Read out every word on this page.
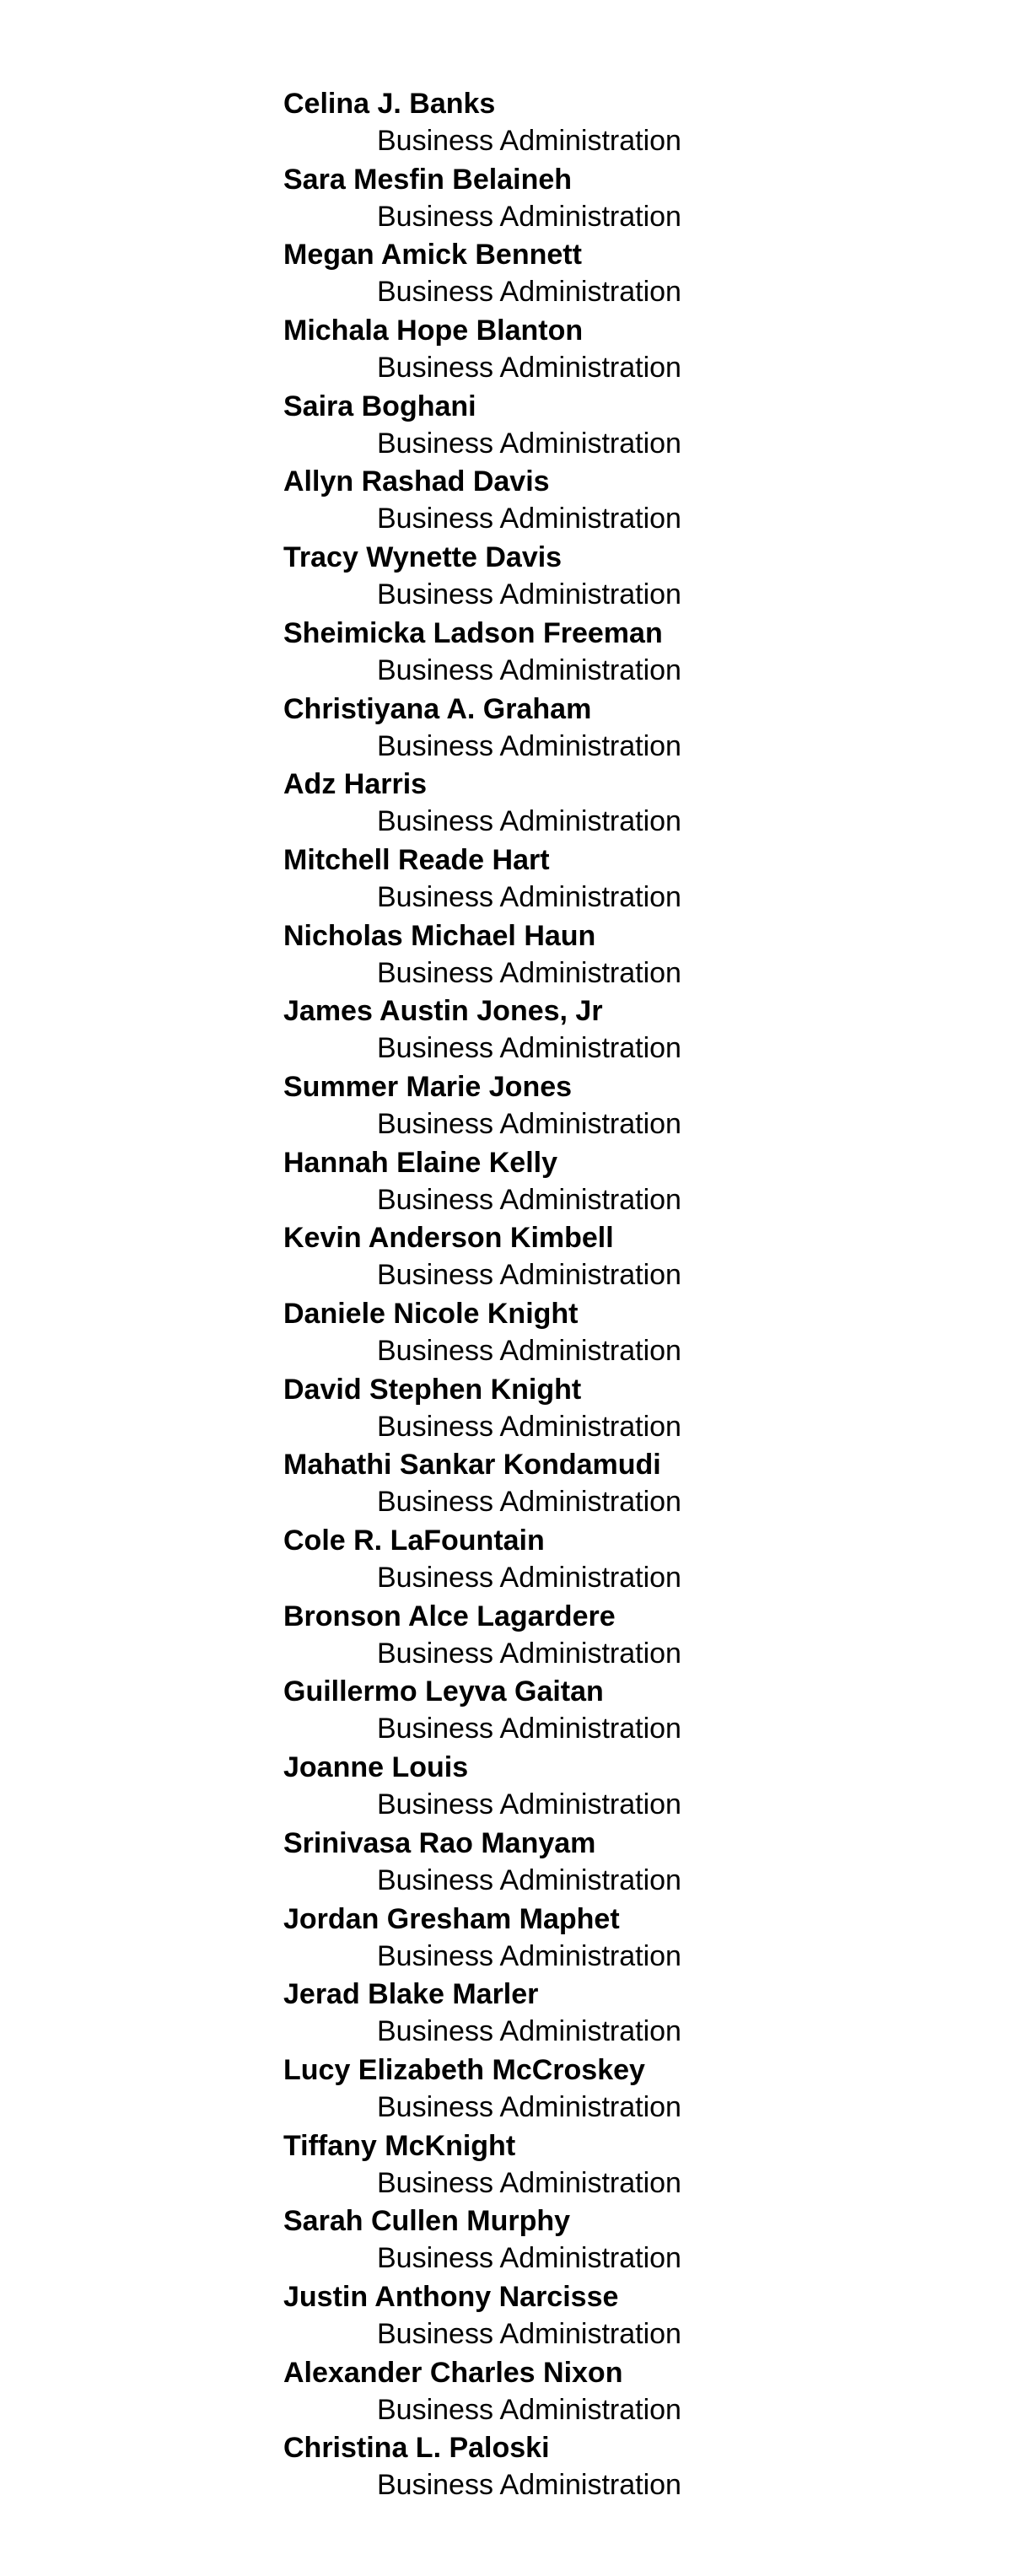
Celina J. Banks
Business Administration
Sara Mesfin Belaineh
Business Administration
Megan Amick Bennett
Business Administration
Michala Hope Blanton
Business Administration
Saira Boghani
Business Administration
Allyn Rashad Davis
Business Administration
Tracy Wynette Davis
Business Administration
Sheimicka Ladson Freeman
Business Administration
Christiyana A. Graham
Business Administration
Adz Harris
Business Administration
Mitchell Reade Hart
Business Administration
Nicholas Michael Haun
Business Administration
James Austin Jones, Jr
Business Administration
Summer Marie Jones
Business Administration
Hannah Elaine Kelly
Business Administration
Kevin Anderson Kimbell
Business Administration
Daniele Nicole Knight
Business Administration
David Stephen Knight
Business Administration
Mahathi Sankar Kondamudi
Business Administration
Cole R. LaFountain
Business Administration
Bronson Alce Lagardere
Business Administration
Guillermo Leyva Gaitan
Business Administration
Joanne Louis
Business Administration
Srinivasa Rao Manyam
Business Administration
Jordan Gresham Maphet
Business Administration
Jerad Blake Marler
Business Administration
Lucy Elizabeth McCroskey
Business Administration
Tiffany McKnight
Business Administration
Sarah Cullen Murphy
Business Administration
Justin Anthony Narcisse
Business Administration
Alexander Charles Nixon
Business Administration
Christina L. Paloski
Business Administration
